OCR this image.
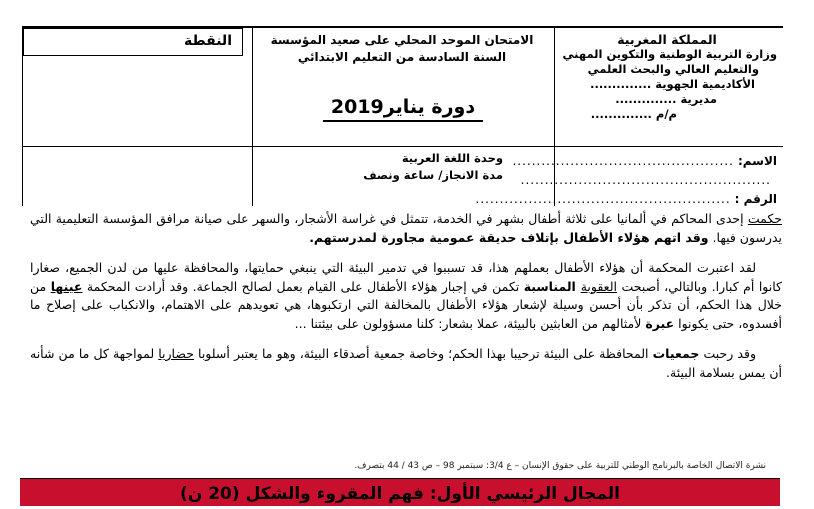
المملكة المغربية
وزارة التربية الوطنية والتكوين المهني
والتعليم العالي والبحث العلمي
الأكاديمية الجهوية ..............
مديرية ..............
م/م ..............
الامتحان الموحد المحلي على صعيد المؤسسة
السنة السادسة من التعليم الابتدائي
دورة يناير2019
النقطة
وحدة اللغة العربية
مدة الانجاز/ ساعة ونصف
الاسم:
..............................................
....................................................
الرقم :
.....................................................

حكمت إحدى المحاكم في ألمانيا على ثلاثة أطفال بشهر في الخدمة، تتمثل في غراسة الأشجار، والسهر على صيانة مرافق المؤسسة التعليمية التي يدرسون فيها. وقد اتهم هؤلاء الأطفال بإتلاف حديقة عمومية مجاورة لمدرستهم.

لقد اعتبرت المحكمة أن هؤلاء الأطفال بعملهم هذا، قد تسببوا في تدمير البيئة التي ينبغي حمايتها، والمحافظة عليها من لدن الجميع، صغارا كانوا أم كبارا. وبالتالي، أصبحت العقوبة المناسبة تكمن في إجبار هؤلاء الأطفال على القيام بعمل لصالح الجماعة. وقد أرادت المحكمة عينها من خلال هذا الحكم، أن تذكر بأن أحسن وسيلة لإشعار هؤلاء الأطفال بالمخالفة التي ارتكبوها، هي تعويدهم على الاهتمام، والانكباب على إصلاح ما أفسدوه، حتى يكونوا عبرة لأمثالهم من العابثين بالبيئة، عملا بشعار: كلنا مسؤولون على بيئتنا ...

وقد رحبت جمعيات المحافظة على البيئة ترحيبا بهذا الحكم؛ وخاصة جمعية أصدقاء البيئة، وهو ما يعتبر أسلوبا حضاريا لمواجهة كل ما من شأنه أن يمس بسلامة البيئة.

نشرة الاتصال الخاصة بالبرنامج الوطني للتربية على حقوق الإنسان – ع 3/4: سبتمبر 98 – ص 43 / 44 بتصرف.
المجال الرئيسي الأول: فهم المقروء والشكل (20 ن)
